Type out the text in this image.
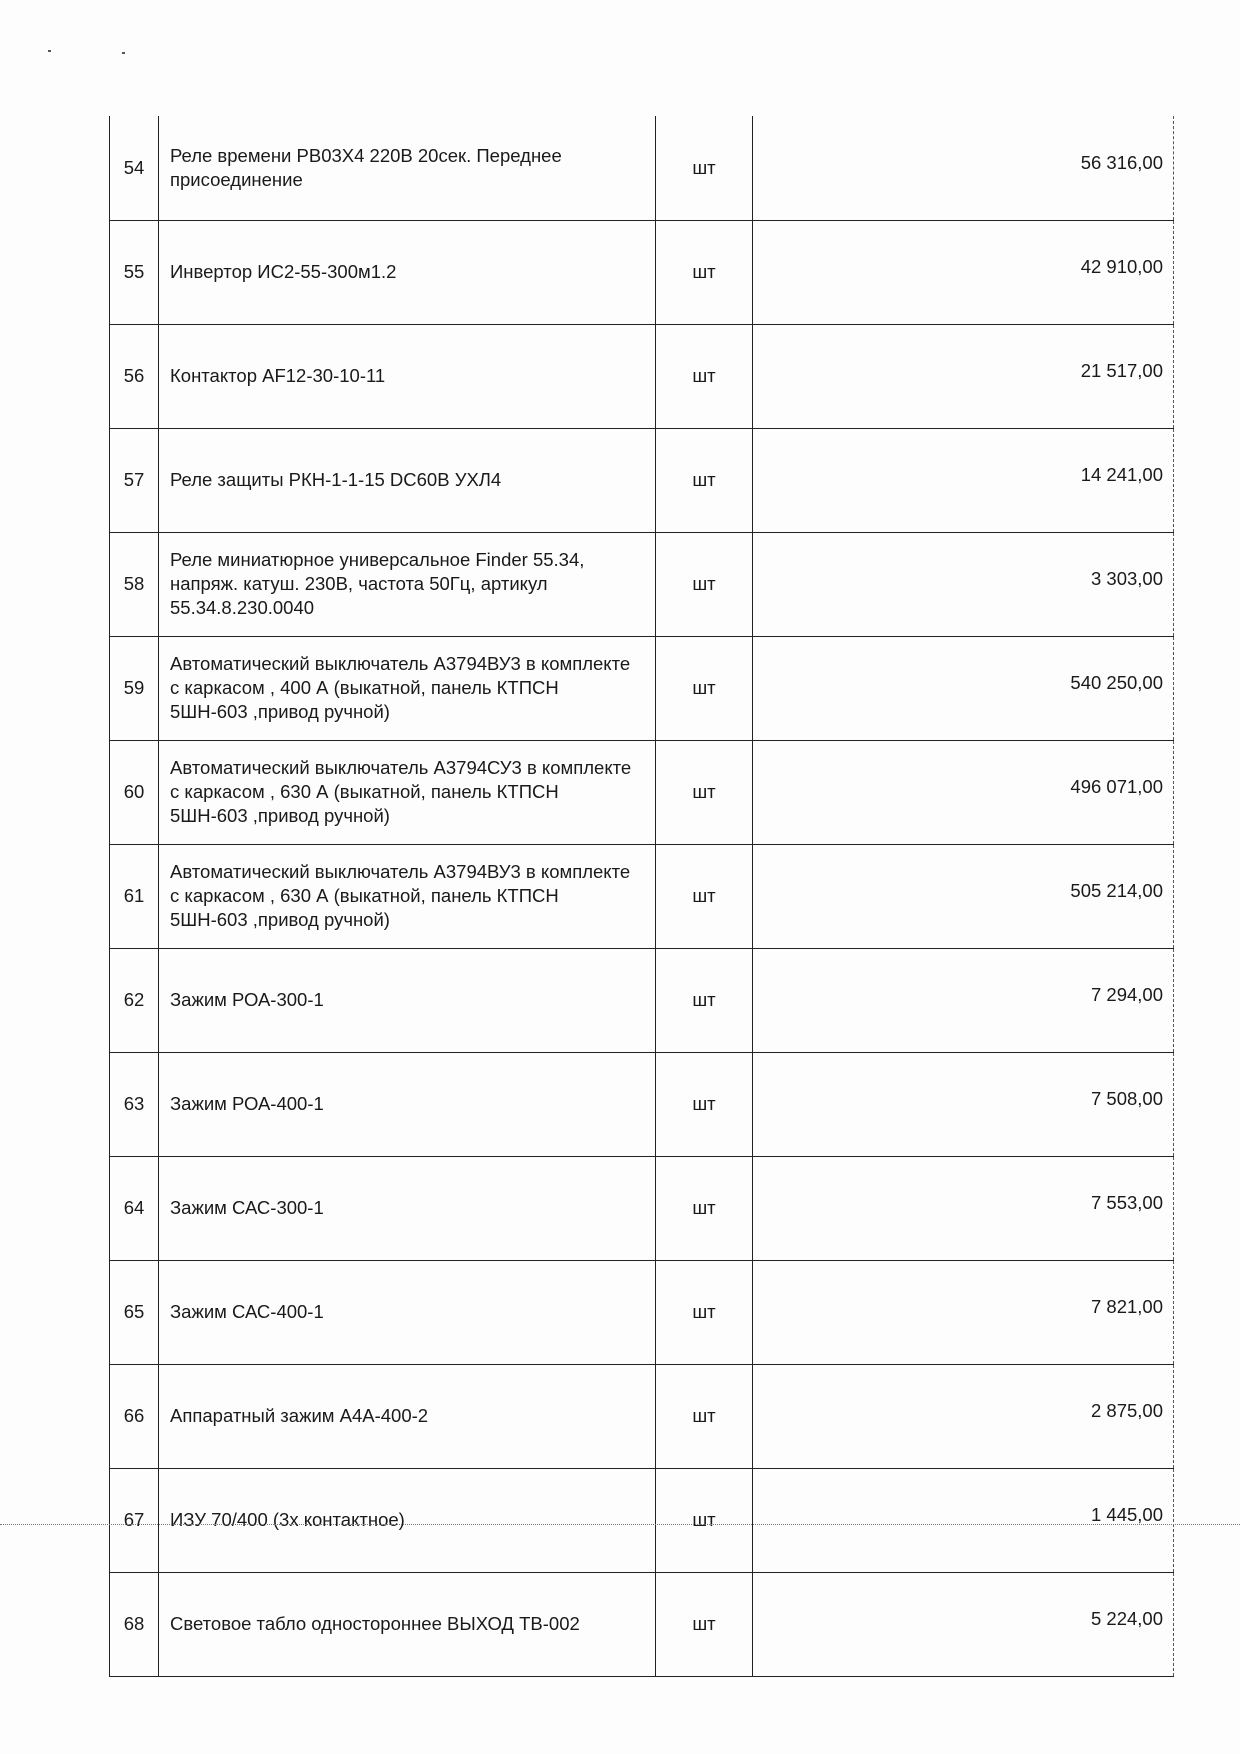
54	Реле времени РВ03Х4 220В 20сек. Переднее присоединение	шт	56 316,00
55	Инвертор ИС2-55-300м1.2	шт	42 910,00
56	Контактор AF12-30-10-11	шт	21 517,00
57	Реле защиты РКН-1-1-15 DC60В УХЛ4	шт	14 241,00
58	Реле миниатюрное универсальное Finder 55.34, напряж. катуш. 230В, частота 50Гц, артикул 55.34.8.230.0040	шт	3 303,00
59	Автоматический выключатель А3794ВУ3 в комплекте с каркасом , 400 А (выкатной, панель КТПСН 5ШН-603 ,привод ручной)	шт	540 250,00
60	Автоматический выключатель А3794СУ3 в комплекте с каркасом , 630 А (выкатной, панель КТПСН 5ШН-603 ,привод ручной)	шт	496 071,00
61	Автоматический выключатель А3794ВУ3 в комплекте с каркасом , 630 А (выкатной, панель КТПСН 5ШН-603 ,привод ручной)	шт	505 214,00
62	Зажим РОА-300-1	шт	7 294,00
63	Зажим РОА-400-1	шт	7 508,00
64	Зажим САС-300-1	шт	7 553,00
65	Зажим САС-400-1	шт	7 821,00
66	Аппаратный зажим А4А-400-2	шт	2 875,00
67	ИЗУ 70/400 (3х контактное)	шт	1 445,00
68	Световое табло одностороннее ВЫХОД ТВ-002	шт	5 224,00
